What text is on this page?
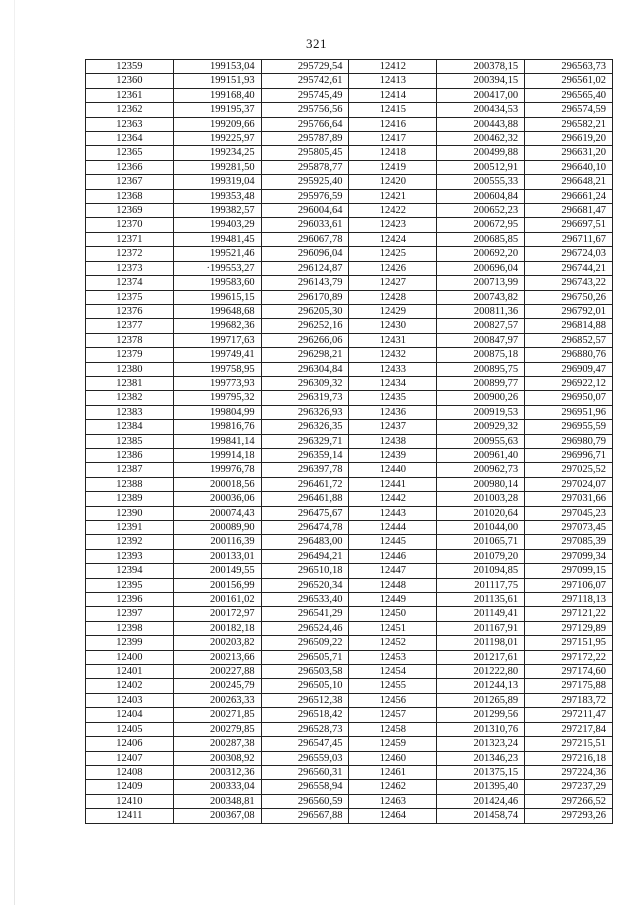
321
12359	199153,04	295729,54	12412	200378,15	296563,73
12360	199151,93	295742,61	12413	200394,15	296561,02
12361	199168,40	295745,49	12414	200417,00	296565,40
12362	199195,37	295756,56	12415	200434,53	296574,59
12363	199209,66	295766,64	12416	200443,88	296582,21
12364	199225,97	295787,89	12417	200462,32	296619,20
12365	199234,25	295805,45	12418	200499,88	296631,20
12366	199281,50	295878,77	12419	200512,91	296640,10
12367	199319,04	295925,40	12420	200555,33	296648,21
12368	199353,48	295976,59	12421	200604,84	296661,24
12369	199382,57	296004,64	12422	200652,23	296681,47
12370	199403,29	296033,61	12423	200672,95	296697,51
12371	199481,45	296067,78	12424	200685,85	296711,67
12372	199521,46	296096,04	12425	200692,20	296724,03
12373	·199553,27	296124,87	12426	200696,04	296744,21
12374	199583,60	296143,79	12427	200713,99	296743,22
12375	199615,15	296170,89	12428	200743,82	296750,26
12376	199648,68	296205,30	12429	200811,36	296792,01
12377	199682,36	296252,16	12430	200827,57	296814,88
12378	199717,63	296266,06	12431	200847,97	296852,57
12379	199749,41	296298,21	12432	200875,18	296880,76
12380	199758,95	296304,84	12433	200895,75	296909,47
12381	199773,93	296309,32	12434	200899,77	296922,12
12382	199795,32	296319,73	12435	200900,26	296950,07
12383	199804,99	296326,93	12436	200919,53	296951,96
12384	199816,76	296326,35	12437	200929,32	296955,59
12385	199841,14	296329,71	12438	200955,63	296980,79
12386	199914,18	296359,14	12439	200961,40	296996,71
12387	199976,78	296397,78	12440	200962,73	297025,52
12388	200018,56	296461,72	12441	200980,14	297024,07
12389	200036,06	296461,88	12442	201003,28	297031,66
12390	200074,43	296475,67	12443	201020,64	297045,23
12391	200089,90	296474,78	12444	201044,00	297073,45
12392	200116,39	296483,00	12445	201065,71	297085,39
12393	200133,01	296494,21	12446	201079,20	297099,34
12394	200149,55	296510,18	12447	201094,85	297099,15
12395	200156,99	296520,34	12448	201117,75	297106,07
12396	200161,02	296533,40	12449	201135,61	297118,13
12397	200172,97	296541,29	12450	201149,41	297121,22
12398	200182,18	296524,46	12451	201167,91	297129,89
12399	200203,82	296509,22	12452	201198,01	297151,95
12400	200213,66	296505,71	12453	201217,61	297172,22
12401	200227,88	296503,58	12454	201222,80	297174,60
12402	200245,79	296505,10	12455	201244,13	297175,88
12403	200263,33	296512,38	12456	201265,89	297183,72
12404	200271,85	296518,42	12457	201299,56	297211,47
12405	200279,85	296528,73	12458	201310,76	297217,84
12406	200287,38	296547,45	12459	201323,24	297215,51
12407	200308,92	296559,03	12460	201346,23	297216,18
12408	200312,36	296560,31	12461	201375,15	297224,36
12409	200333,04	296558,94	12462	201395,40	297237,29
12410	200348,81	296560,59	12463	201424,46	297266,52
12411	200367,08	296567,88	12464	201458,74	297293,26
